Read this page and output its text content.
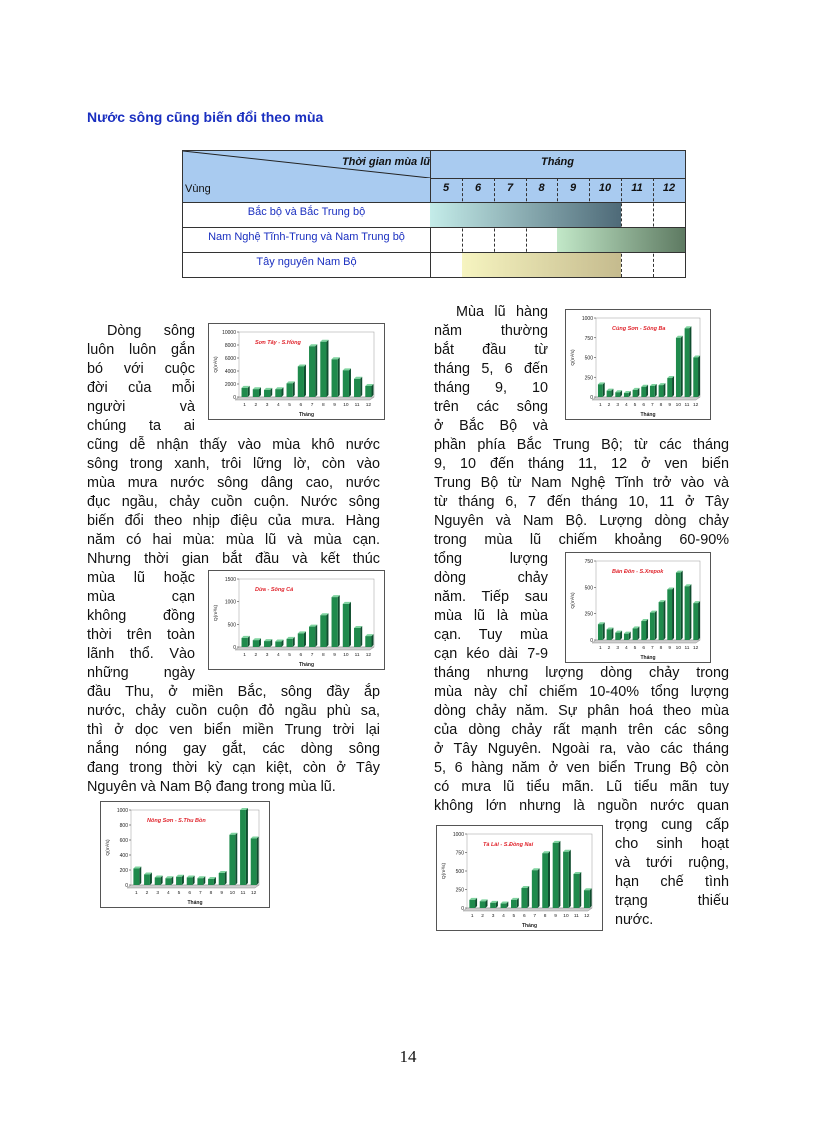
Nước sông cũng biến đổi theo mùa
Thời gian mùa lũ
Vùng
Tháng
5	6	7	8	9	10	11	12
Bắc bộ và Bắc Trung bộ
Nam Nghệ Tĩnh-Trung và Nam Trung bộ
Tây nguyên Nam Bộ

Dòng sông

luôn luôn gắn

bó với cuộc

đời của mỗi

người và

chúng ta ai

cũng dễ nhận thấy vào mùa khô nước

sông trong xanh, trôi lững lờ, còn vào

mùa mưa nước sông dâng cao, nước

đục ngầu, chảy cuồn cuộn. Nước sông

biến đổi theo nhịp điệu của mưa. Hàng

năm có hai mùa: mùa lũ và mùa cạn.

Nhưng thời gian bắt đầu và kết thúc

mùa lũ hoặc

mùa cạn

không đồng

thời trên toàn

lãnh thổ. Vào

những ngày

đầu Thu, ở miền Bắc, sông đầy ắp

nước, chảy cuồn cuộn đỏ ngầu phù sa,

thì ở dọc ven biển miền Trung trời lại

nắng nóng gay gắt, các dòng sông

đang trong thời kỳ cạn kiệt, còn ở Tây

Nguyên và Nam Bộ đang trong mùa lũ.

Mùa lũ hàng

năm thường

bắt đầu từ

tháng 5, 6 đến

tháng 9, 10

trên các sông

ở Bắc Bộ và

phần phía Bắc Trung Bộ; từ các tháng

9, 10 đến tháng 11, 12 ở ven biển

Trung Bộ từ Nam Nghệ Tĩnh trở vào và

từ tháng 6, 7 đến tháng 10, 11 ở Tây

Nguyên và Nam Bộ. Lượng dòng chảy

trong mùa lũ chiếm khoảng 60-90%

tổng lượng

dòng chảy

năm. Tiếp sau

mùa lũ là mùa

cạn. Tuy mùa

cạn kéo dài 7-9

tháng nhưng lượng dòng chảy trong

mùa này chỉ chiếm 10-40% tổng lượng

dòng chảy năm. Sự phân hoá theo mùa

của dòng chảy rất mạnh trên các sông

ở Tây Nguyên. Ngoài ra, vào các tháng

5, 6 hàng năm ở ven biển Trung Bộ còn

có mưa lũ tiểu mãn. Lũ tiểu mãn tuy

không lớn nhưng là nguồn nước quan

trọng cung cấp

cho sinh hoạt

và tưới ruộng,

hạn chế tình

trạng thiếu

nước.

0
2000
4000
6000
8000
10000
1 2 3 4 5 6 7 8 9 10 11 12
Tháng
Q(m³/s)
Sơn Tây - S.Hồng
0
250
500
750
1000
1 2 3 4 5 6 7 8 9 10 11 12
Tháng
Q(m³/s)
Củng Sơn - Sông Ba
0
500
1000
1500
1 2 3 4 5 6 7 8 9 10 11 12
Tháng
Q(m³/s)
Dừa - Sông Cả
0
250
500
750
1 2 3 4 5 6 7 8 9 10 11 12
Tháng
Q(m³/s)
Bản Đôn - S.Xrepok
0
200
400
600
800
1000
1 2 3 4 5 6 7 8 9 10 11 12
Tháng
Q(m³/s)
Nông Sơn - S.Thu Bồn
0
250
500
750
1000
1 2 3 4 5 6 7 8 9 10 11 12
Tháng
Q(m³/s)
Tà Lài - S.Đồng Nai
14
